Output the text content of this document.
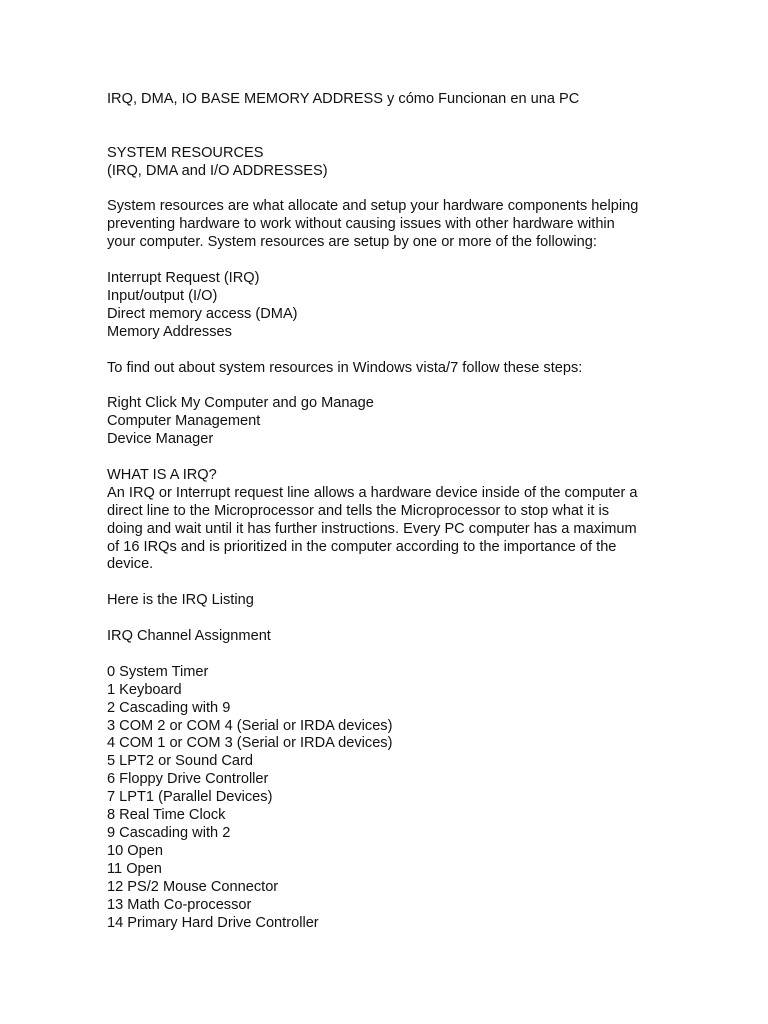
IRQ, DMA, IO BASE MEMORY ADDRESS y cómo Funcionan en una PC
SYSTEM RESOURCES
(IRQ, DMA and I/O ADDRESSES)
System resources are what allocate and setup your hardware components helping
preventing hardware to work without causing issues with other hardware within
your computer. System resources are setup by one or more of the following:
Interrupt Request (IRQ)
Input/output (I/O)
Direct memory access (DMA)
Memory Addresses
To find out about system resources in Windows vista/7 follow these steps:
Right Click My Computer and go Manage
Computer Management
Device Manager
WHAT IS A IRQ?
An IRQ or Interrupt request line allows a hardware device inside of the computer a
direct line to the Microprocessor and tells the Microprocessor to stop what it is
doing and wait until it has further instructions. Every PC computer has a maximum
of 16 IRQs and is prioritized in the computer according to the importance of the
device.
Here is the IRQ Listing
IRQ Channel Assignment
0 System Timer
1 Keyboard
2 Cascading with 9
3 COM 2 or COM 4 (Serial or IRDA devices)
4 COM 1 or COM 3 (Serial or IRDA devices)
5 LPT2 or Sound Card
6 Floppy Drive Controller
7 LPT1 (Parallel Devices)
8 Real Time Clock
9 Cascading with 2
10 Open
11 Open
12 PS/2 Mouse Connector
13 Math Co-processor
14 Primary Hard Drive Controller
